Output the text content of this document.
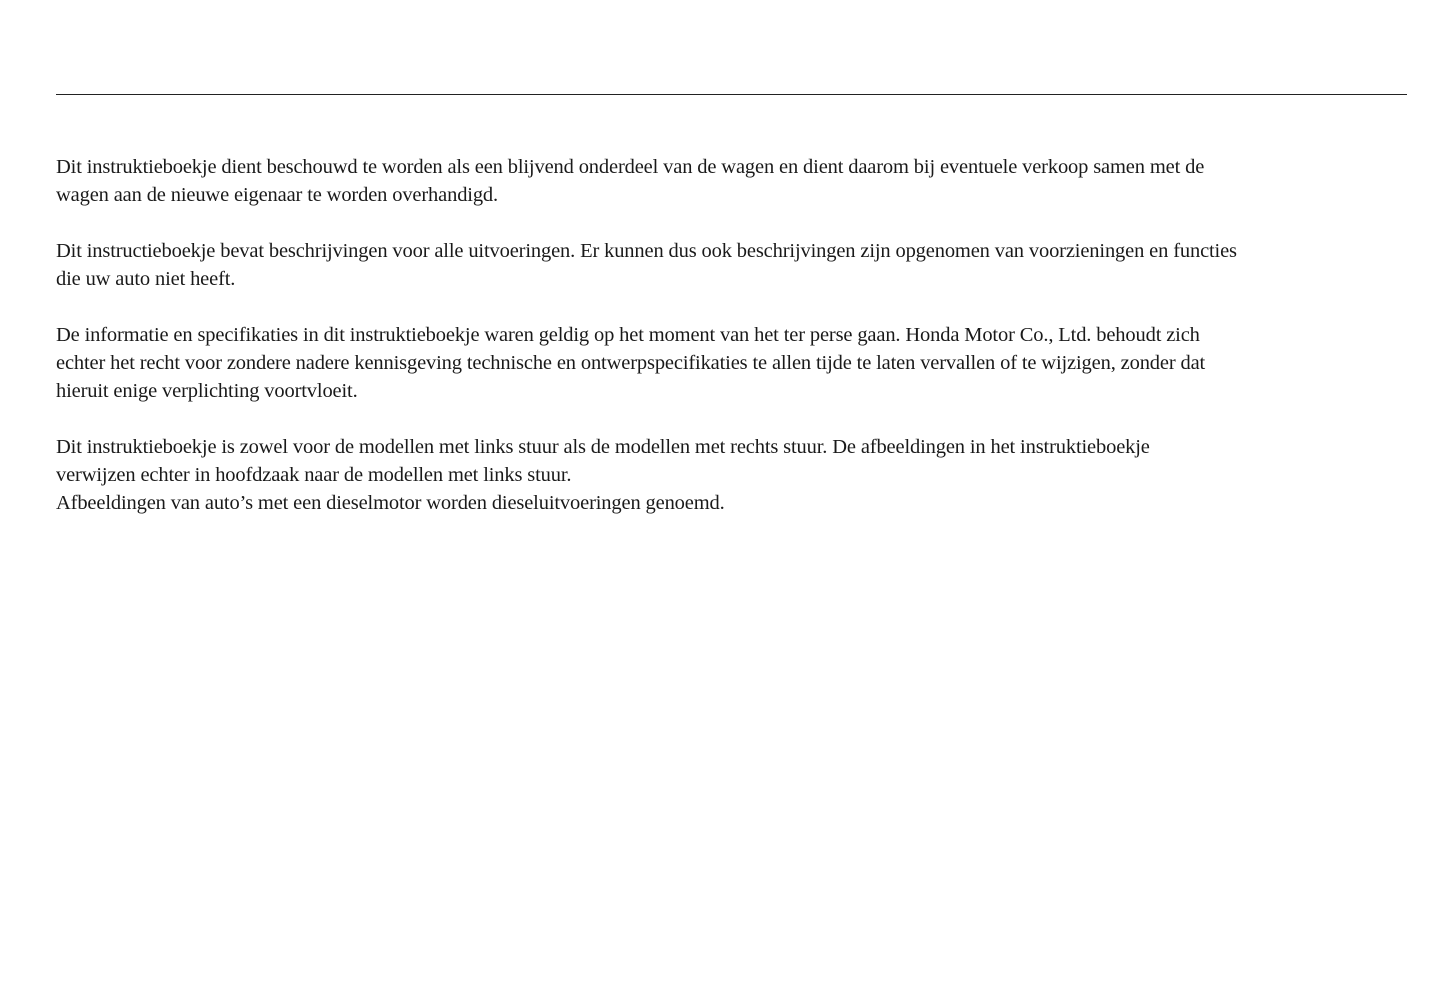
Dit instruktieboekje dient beschouwd te worden als een blijvend onderdeel van de wagen en dient daarom bij eventuele verkoop samen met de
wagen aan de nieuwe eigenaar te worden overhandigd.

Dit instructieboekje bevat beschrijvingen voor alle uitvoeringen. Er kunnen dus ook beschrijvingen zijn opgenomen van voorzieningen en functies
die uw auto niet heeft.

De informatie en specifikaties in dit instruktieboekje waren geldig op het moment van het ter perse gaan. Honda Motor Co., Ltd. behoudt zich
echter het recht voor zondere nadere kennisgeving technische en ontwerpspecifikaties te allen tijde te laten vervallen of te wijzigen, zonder dat
hieruit enige verplichting voortvloeit.

Dit instruktieboekje is zowel voor de modellen met links stuur als de modellen met rechts stuur. De afbeeldingen in het instruktieboekje
verwijzen echter in hoofdzaak naar de modellen met links stuur.
Afbeeldingen van auto’s met een dieselmotor worden dieseluitvoeringen genoemd.
